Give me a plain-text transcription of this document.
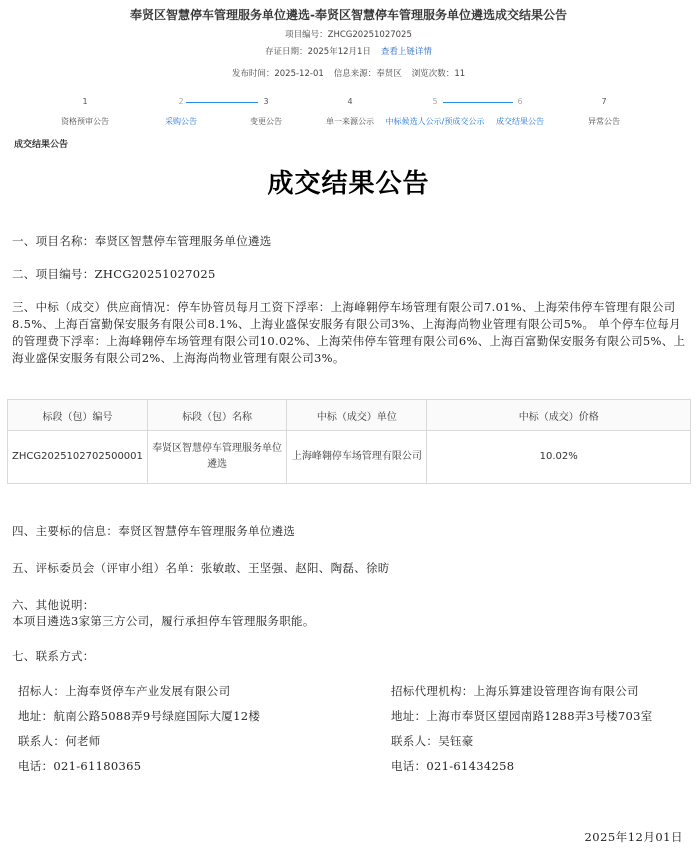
奉贤区智慧停车管理服务单位遴选-奉贤区智慧停车管理服务单位遴选成交结果公告
项目编号：ZHCG20251027025
存证日期：2025年12月1日 查看上链详情
发布时间：2025-12-01 信息来源：奉贤区 浏览次数：11
1
资格预审公告
2
采购公告
3
变更公告
4
单一来源公示
5
中标候选人公示/预成交公示
6
成交结果公告
7
异常公告
成交结果公告
成交结果公告
一、项目名称：奉贤区智慧停车管理服务单位遴选
二、项目编号：ZHCG20251027025
三、中标（成交）供应商情况：停车协管员每月工资下浮率：上海峰翱停车场管理有限公司7.01%、上海荣伟停车管理有限公司8.5%、上海百富勤保安服务有限公司8.1%、上海业盛保安服务有限公司3%、上海海尚物业管理有限公司5%。 单个停车位每月的管理费下浮率：上海峰翱停车场管理有限公司10.02%、上海荣伟停车管理有限公司6%、上海百富勤保安服务有限公司5%、上海业盛保安服务有限公司2%、上海海尚物业管理有限公司3%。
标段（包）编号	标段（包）名称	中标（成交）单位	中标（成交）价格
ZHCG2025102702500001	奉贤区智慧停车管理服务单位遴选	上海峰翱停车场管理有限公司	10.02%
四、主要标的信息：奉贤区智慧停车管理服务单位遴选
五、评标委员会（评审小组）名单：张敏敢、王坚强、赵阳、陶磊、徐昉
六、其他说明：
本项目遴选3家第三方公司，履行承担停车管理服务职能。
七、联系方式：
招标人：上海奉贤停车产业发展有限公司
地址：航南公路5088弄9号绿庭国际大厦12楼
联系人：何老师
电话：021-61180365
招标代理机构：上海乐算建设管理咨询有限公司
地址：上海市奉贤区望园南路1288弄3号楼703室
联系人：吴钰豪
电话：021-61434258
2025年12月01日
